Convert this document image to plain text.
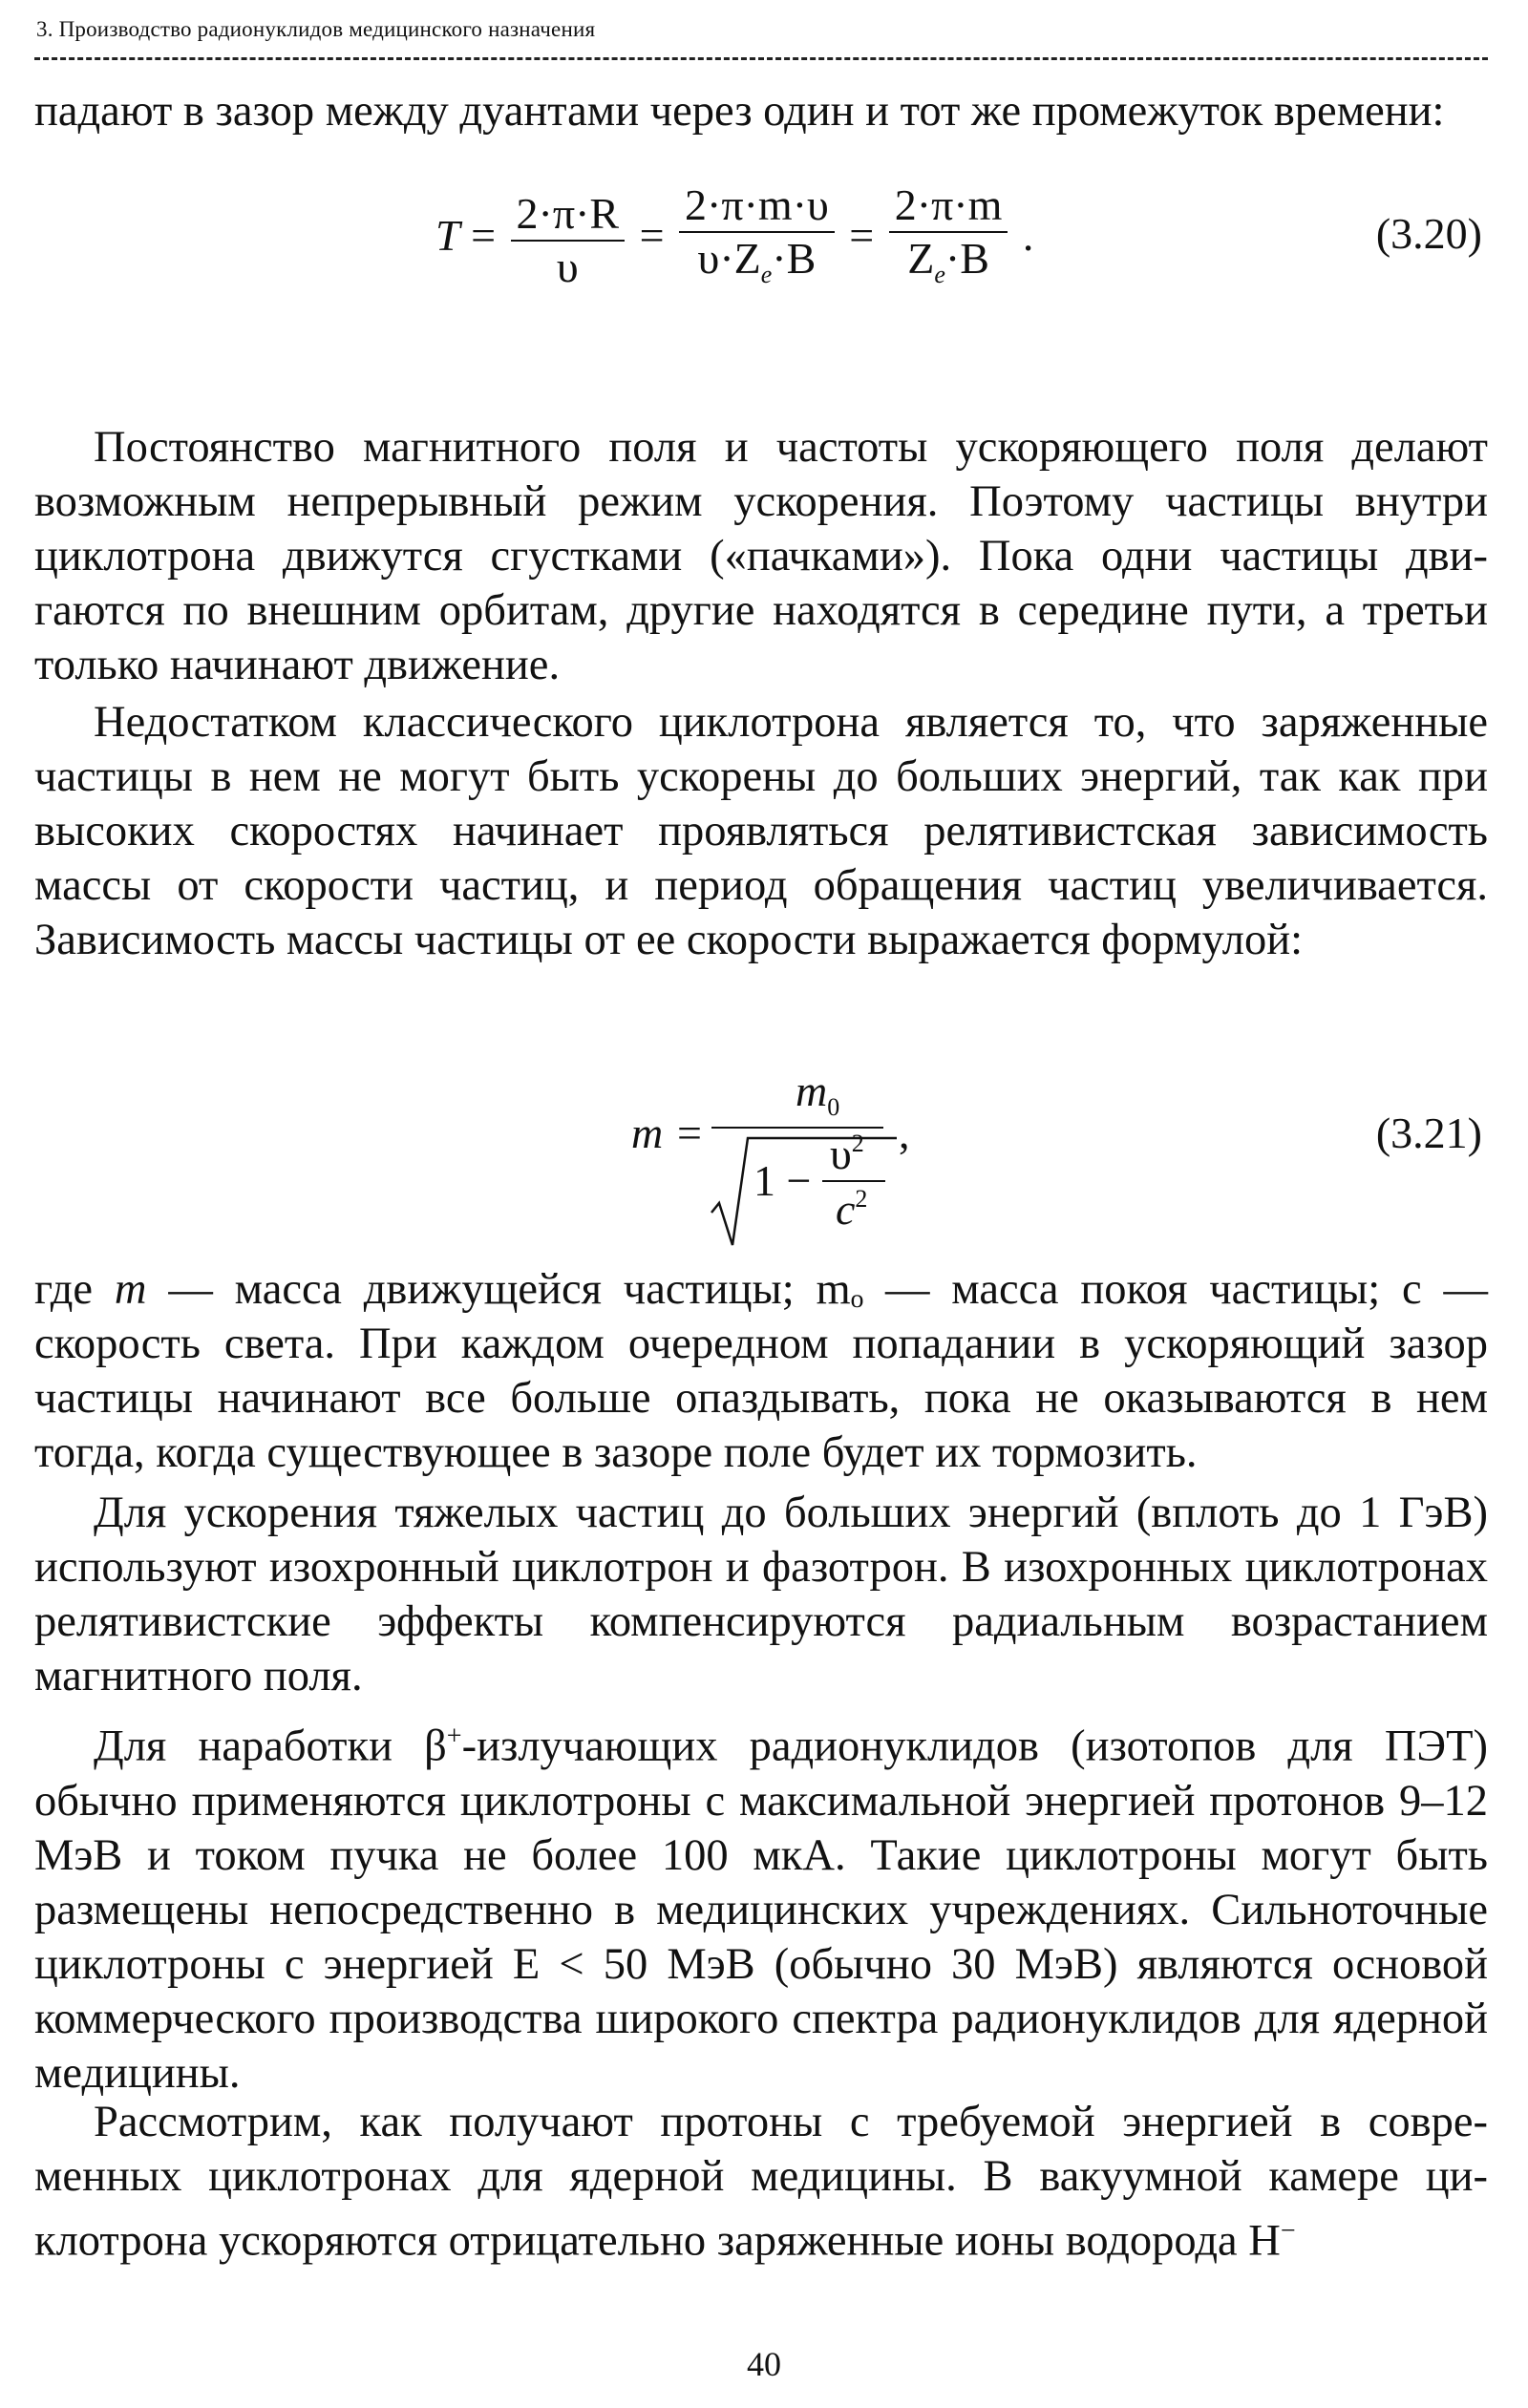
3. Производство радионуклидов медицинского назначения
падают в зазор между дуантами через один и тот же промежуток времени:
$T = \frac{2\cdot\pi\cdot R}{\upsilon} = \frac{2\cdot\pi\cdot m\cdot\upsilon}{\upsilon\cdot Z_e\cdot B} = \frac{2\cdot\pi\cdot m}{Z_e\cdot B}$ .	(3.20)
Постоянство магнитного поля и частоты ускоряющего поля делают возможным непрерывный режим ускорения. Поэтому частицы внутри циклотрона движутся сгустками («пачками»). Пока одни частицы двигаются по внешним орбитам, другие находятся в середине пути, а третьи только начинают движение.
Недостатком классического циклотрона является то, что заряженные частицы в нем не могут быть ускорены до больших энергий, так как при высоких скоростях начинает проявляться релятивистская зависимость массы от скорости частиц, и период обращения частиц увеличивается. Зависимость массы частицы от ее скорости выражается формулой:
m =
$m_0$
1 −
$\upsilon^2$
$c^2$
,	(3.21)
где m — масса движущейся частицы; mₒ — масса покоя частицы; с — скорость света. При каждом очередном попадании в ускоряющий зазор частицы начинают все больше опаздывать, пока не оказываются в нем тогда, когда существующее в зазоре поле будет их тормозить.
Для ускорения тяжелых частиц до больших энергий (вплоть до 1 ГэВ) используют изохронный циклотрон и фазотрон. В изохронных циклотронах релятивистские эффекты компенсируются радиальным возрастанием магнитного поля.
Для наработки β+-излучающих радионуклидов (изотопов для ПЭТ) обычно применяются циклотроны с максимальной энергией протонов 9–12 МэВ и током пучка не более 100 мкА. Такие циклотроны могут быть размещены непосредственно в медицинских учреждениях. Сильноточные циклотроны с энергией Е < 50 МэВ (обычно 30 МэВ) являются основой коммерческого производства широкого спектра радионуклидов для ядерной медицины.
Рассмотрим, как получают протоны с требуемой энергией в современных циклотронах для ядерной медицины. В вакуумной камере циклотрона ускоряются отрицательно заряженные ионы водорода Н−
40
